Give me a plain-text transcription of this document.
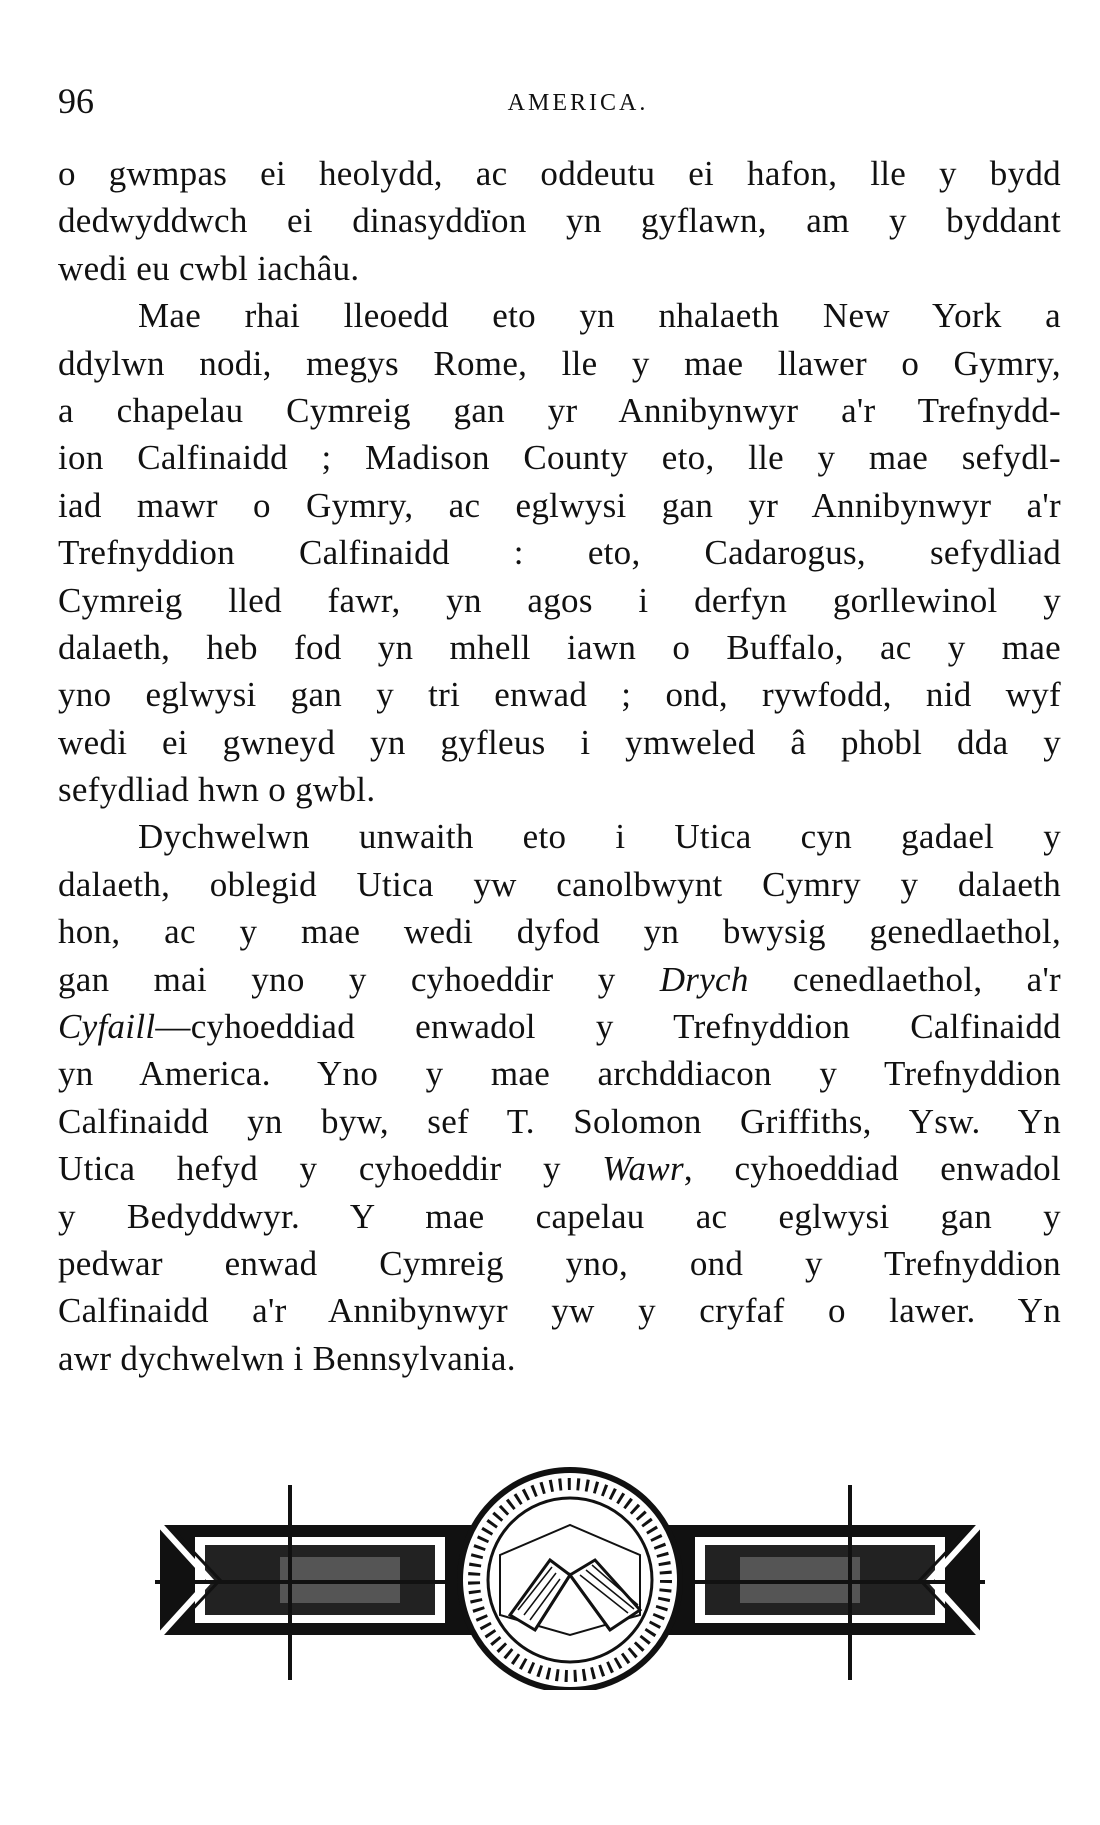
96	AMERICA.
o gwmpas ei heolydd, ac oddeutu ei hafon, lle y bydd
dedwyddwch ei dinasyddïon yn gyflawn, am y byddant
wedi eu cwbl iachâu.
Mae rhai lleoedd eto yn nhalaeth New York a
ddylwn nodi, megys Rome, lle y mae llawer o Gymry,
a chapelau Cymreig gan yr Annibynwyr a'r Trefnydd-
ion Calfinaidd ; Madison County eto, lle y mae sefydl-
iad mawr o Gymry, ac eglwysi gan yr Annibynwyr a'r
Trefnyddion Calfinaidd : eto, Cadarogus, sefydliad
Cymreig lled fawr, yn agos i derfyn gorllewinol y
dalaeth, heb fod yn mhell iawn o Buffalo, ac y mae
yno eglwysi gan y tri enwad ; ond, rywfodd, nid wyf
wedi ei gwneyd yn gyfleus i ymweled â phobl dda y
sefydliad hwn o gwbl.
Dychwelwn unwaith eto i Utica cyn gadael y
dalaeth, oblegid Utica yw canolbwynt Cymry y dalaeth
hon, ac y mae wedi dyfod yn bwysig genedlaethol,
gan mai yno y cyhoeddir y Drych cenedlaethol, a'r
Cyfaill—cyhoeddiad enwadol y Trefnyddion Calfinaidd
yn America. Yno y mae archddiacon y Trefnyddion
Calfinaidd yn byw, sef T. Solomon Griffiths, Ysw. Yn
Utica hefyd y cyhoeddir y Wawr, cyhoeddiad enwadol
y Bedyddwyr. Y mae capelau ac eglwysi gan y
pedwar enwad Cymreig yno, ond y Trefnyddion
Calfinaidd a'r Annibynwyr yw y cryfaf o lawer. Yn
awr dychwelwn i Bennsylvania.
